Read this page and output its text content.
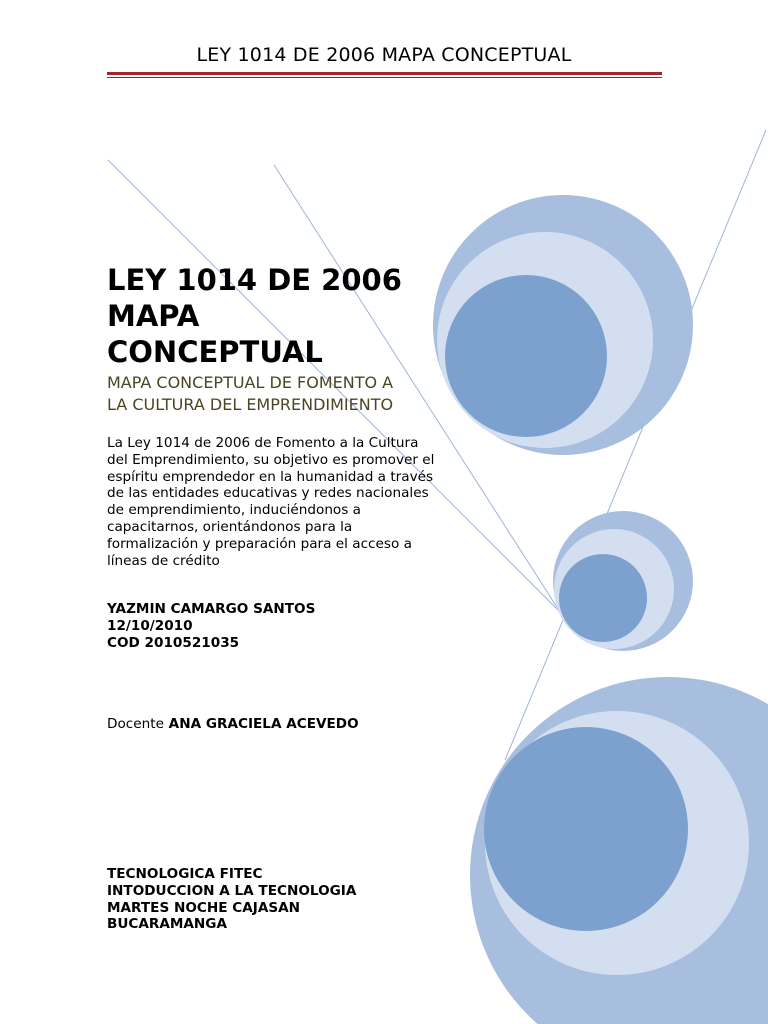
LEY 1014 DE 2006 MAPA CONCEPTUAL
LEY 1014 DE 2006
MAPA
CONCEPTUAL
MAPA CONCEPTUAL DE FOMENTO A
LA CULTURA DEL EMPRENDIMIENTO
La Ley 1014 de 2006 de Fomento a la Cultura del Emprendimiento, su objetivo es promover el espíritu emprendedor en la humanidad a través de las entidades educativas y redes nacionales de emprendimiento, induciéndonos a capacitarnos, orientándonos para la formalización y preparación para el acceso a líneas de crédito
YAZMIN CAMARGO SANTOS
12/10/2010
COD 2010521035
Docente ANA GRACIELA ACEVEDO
TECNOLOGICA FITEC
INTODUCCION A LA TECNOLOGIA
MARTES NOCHE CAJASAN
BUCARAMANGA
